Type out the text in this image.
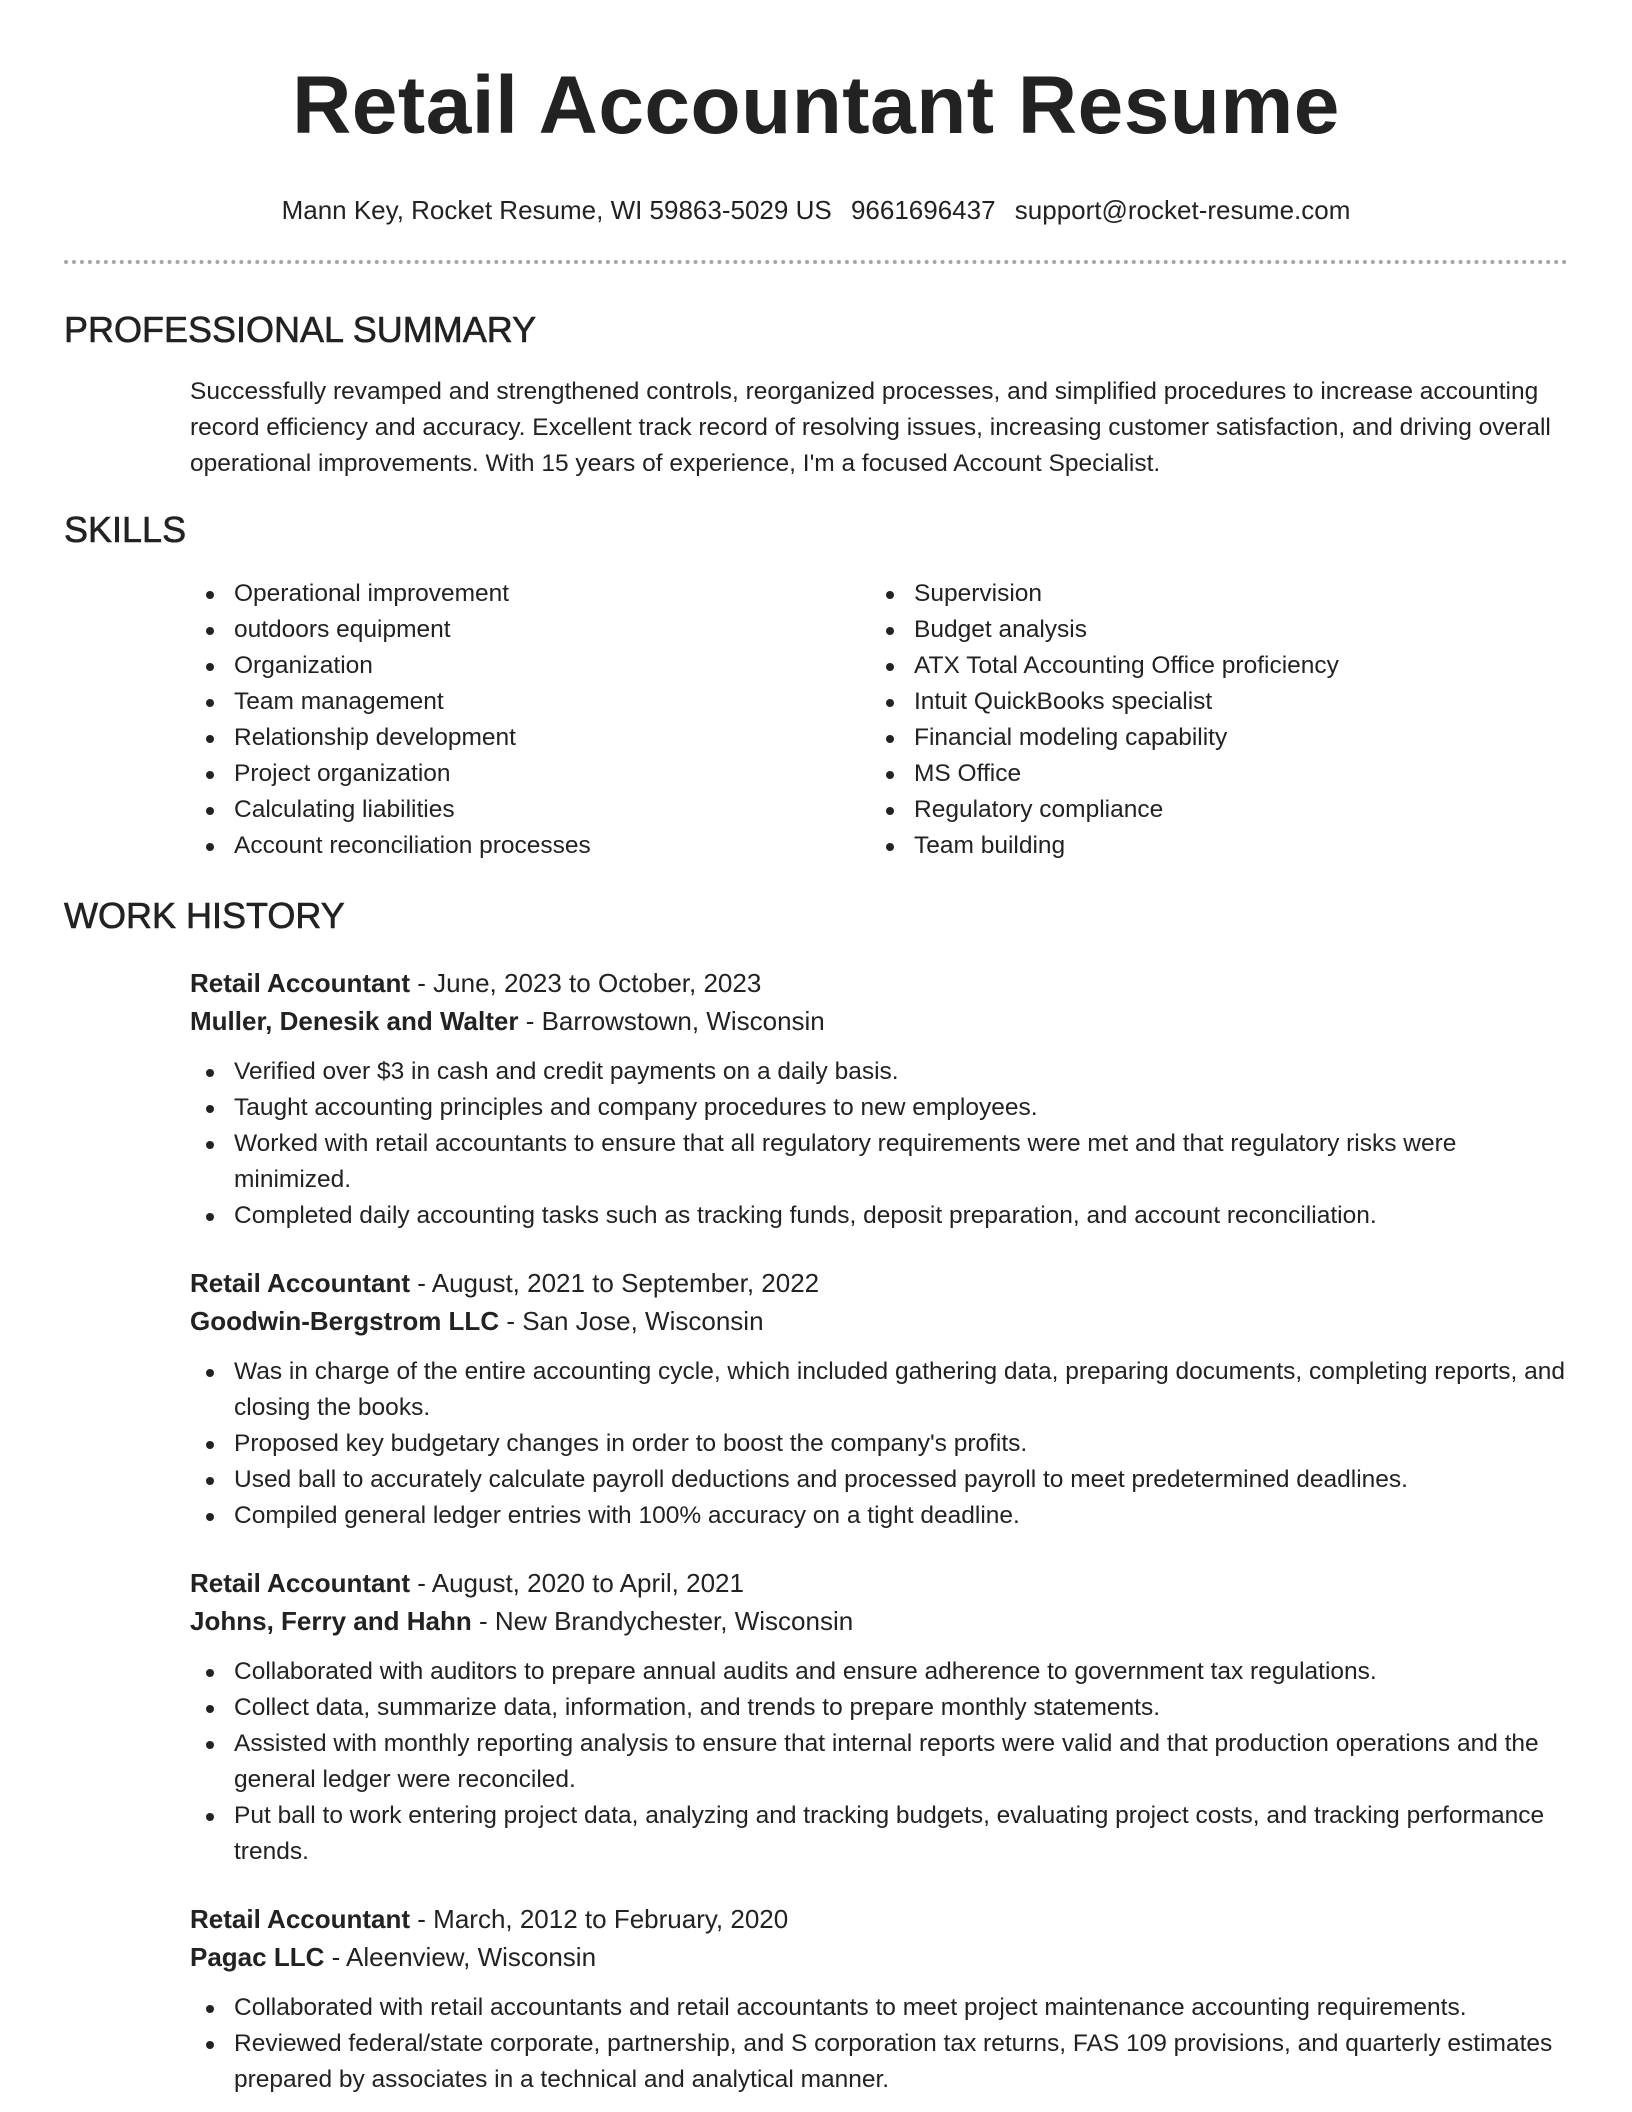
Retail Accountant Resume
Mann Key, Rocket Resume, WI 59863-5029 US 9661696437 support@rocket-resume.com
PROFESSIONAL SUMMARY

Successfully revamped and strengthened controls, reorganized processes, and simplified procedures to increase accounting record efficiency and accuracy. Excellent track record of resolving issues, increasing customer satisfaction, and driving overall operational improvements. With 15 years of experience, I'm a focused Account Specialist.

SKILLS
Operational improvement
outdoors equipment
Organization
Team management
Relationship development
Project organization
Calculating liabilities
Account reconciliation processes
Supervision
Budget analysis
ATX Total Accounting Office proficiency
Intuit QuickBooks specialist
Financial modeling capability
MS Office
Regulatory compliance
Team building
WORK HISTORY
Retail Accountant - June, 2023 to October, 2023
Muller, Denesik and Walter - Barrowstown, Wisconsin
Verified over $3 in cash and credit payments on a daily basis.
Taught accounting principles and company procedures to new employees.
Worked with retail accountants to ensure that all regulatory requirements were met and that regulatory risks were minimized.
Completed daily accounting tasks such as tracking funds, deposit preparation, and account reconciliation.
Retail Accountant - August, 2021 to September, 2022
Goodwin-Bergstrom LLC - San Jose, Wisconsin
Was in charge of the entire accounting cycle, which included gathering data, preparing documents, completing reports, and closing the books.
Proposed key budgetary changes in order to boost the company's profits.
Used ball to accurately calculate payroll deductions and processed payroll to meet predetermined deadlines.
Compiled general ledger entries with 100% accuracy on a tight deadline.
Retail Accountant - August, 2020 to April, 2021
Johns, Ferry and Hahn - New Brandychester, Wisconsin
Collaborated with auditors to prepare annual audits and ensure adherence to government tax regulations.
Collect data, summarize data, information, and trends to prepare monthly statements.
Assisted with monthly reporting analysis to ensure that internal reports were valid and that production operations and the general ledger were reconciled.
Put ball to work entering project data, analyzing and tracking budgets, evaluating project costs, and tracking performance trends.
Retail Accountant - March, 2012 to February, 2020
Pagac LLC - Aleenview, Wisconsin
Collaborated with retail accountants and retail accountants to meet project maintenance accounting requirements.
Reviewed federal/state corporate, partnership, and S corporation tax returns, FAS 109 provisions, and quarterly estimates prepared by associates in a technical and analytical manner.
